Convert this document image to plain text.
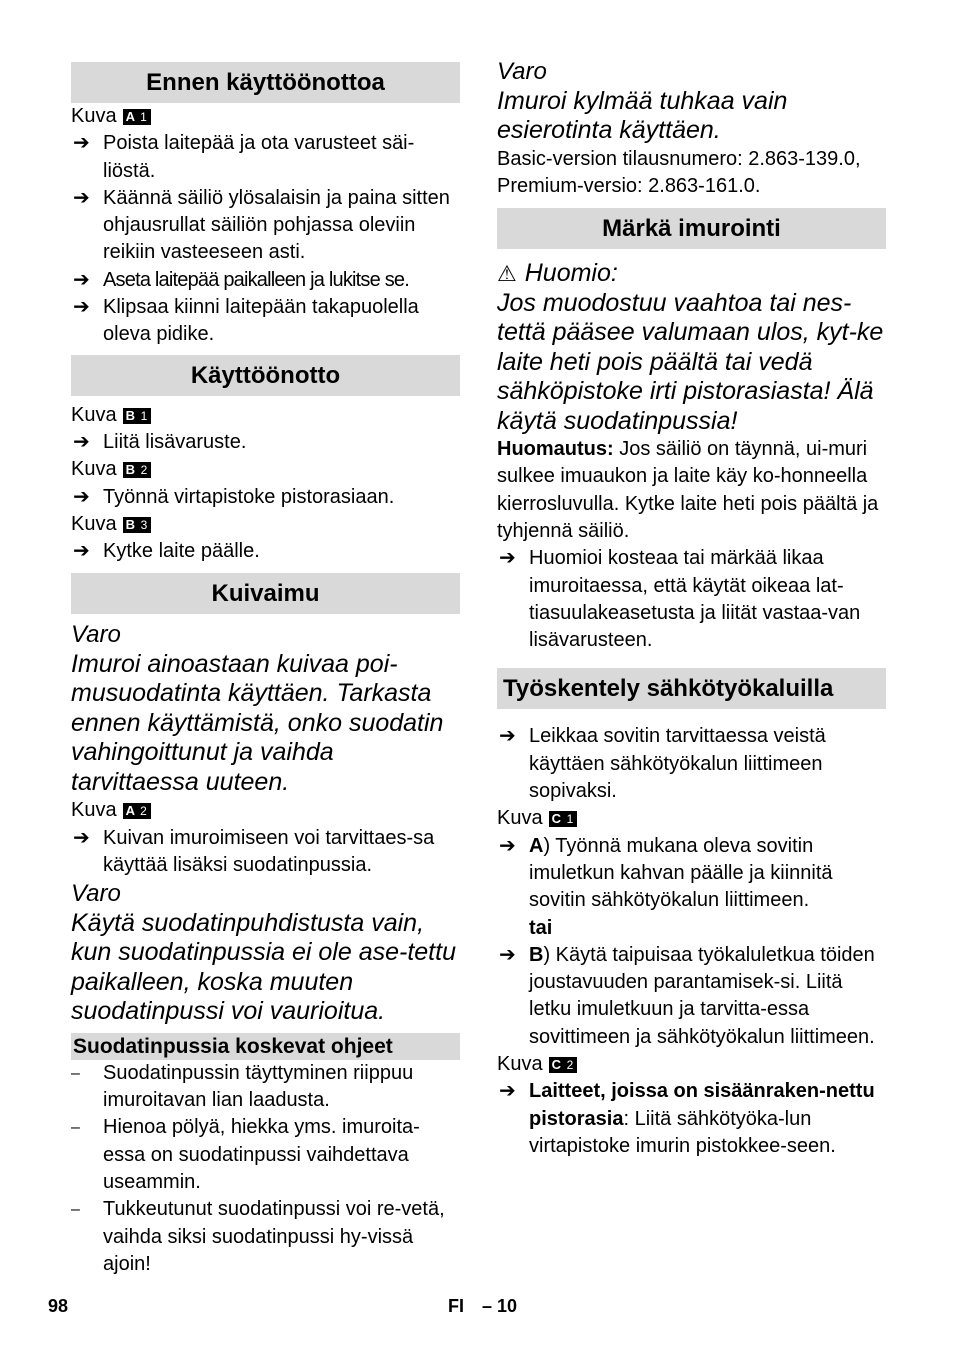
Ennen käyttöönottoa
Kuva A 1
➔ Poista laitepää ja ota varusteet säi-liöstä.
➔ Käännä säiliö ylösalaisin ja paina sitten ohjausrullat säiliön pohjassa oleviin reikiin vasteeseen asti.
➔ Aseta laitepää paikalleen ja lukitse se.
➔ Klipsaa kiinni laitepään takapuolella oleva pidike.
Käyttöönotto
Kuva B 1
➔ Liitä lisävaruste.
Kuva B 2
➔ Työnnä virtapistoke pistorasiaan.
Kuva B 3
➔ Kytke laite päälle.
Kuivaimu
Varo
Imuroi ainoastaan kuivaa poi-musuodatinta käyttäen. Tarkasta ennen käyttämistä, onko suodatin vahingoittunut ja vaihda tarvittaessa uuteen.
Kuva A 2
➔ Kuivan imuroimiseen voi tarvittaes-sa käyttää lisäksi suodatinpussia.
Varo
Käytä suodatinpuhdistusta vain, kun suodatinpussia ei ole ase-tettu paikalleen, koska muuten suodatinpussi voi vaurioitua.
Suodatinpussia koskevat ohjeet
– Suodatinpussin täyttyminen riippuu imuroitavan lian laadusta.
– Hienoa pölyä, hiekka yms. imuroita-essa on suodatinpussi vaihdettava useammin.
– Tukkeutunut suodatinpussi voi re-vetä, vaihda siksi suodatinpussi hy-vissä ajoin!
Varo
Imuroi kylmää tuhkaa vain esierotinta käyttäen.
Basic-version tilausnumero: 2.863-139.0, Premium-versio: 2.863-161.0.
Märkä imurointi
⚠ Huomio:
Jos muodostuu vaahtoa tai nes-tettä pääsee valumaan ulos, kyt-ke laite heti pois päältä tai vedä sähköpistoke irti pistorasiasta! Älä käytä suodatinpussia!
Huomautus: Jos säiliö on täynnä, ui-muri sulkee imuaukon ja laite käy ko-honneella kierrosluvulla. Kytke laite heti pois päältä ja tyhjennä säiliö.
➔ Huomioi kosteaa tai märkää likaa imuroitaessa, että käytät oikeaa lat-tiasuulakeasetusta ja liität vastaa-van lisävarusteen.
Työskentely sähkötyökaluilla
➔ Leikkaa sovitin tarvittaessa veistä käyttäen sähkötyökalun liittimeen sopivaksi.
Kuva C 1
➔ A) Työnnä mukana oleva sovitin imuletkun kahvan päälle ja kiinnitä sovitin sähkötyökalun liittimeen.
tai
➔ B) Käytä taipuisaa työkaluletkua töiden joustavuuden parantamisek-si. Liitä letku imuletkuun ja tarvitta-essa sovittimeen ja sähkötyökalun liittimeen.
Kuva C 2
➔ Laitteet, joissa on sisäänraken-nettu pistorasia: Liitä sähkötyöka-lun virtapistoke imurin pistokkee-seen.
98	FI – 10
